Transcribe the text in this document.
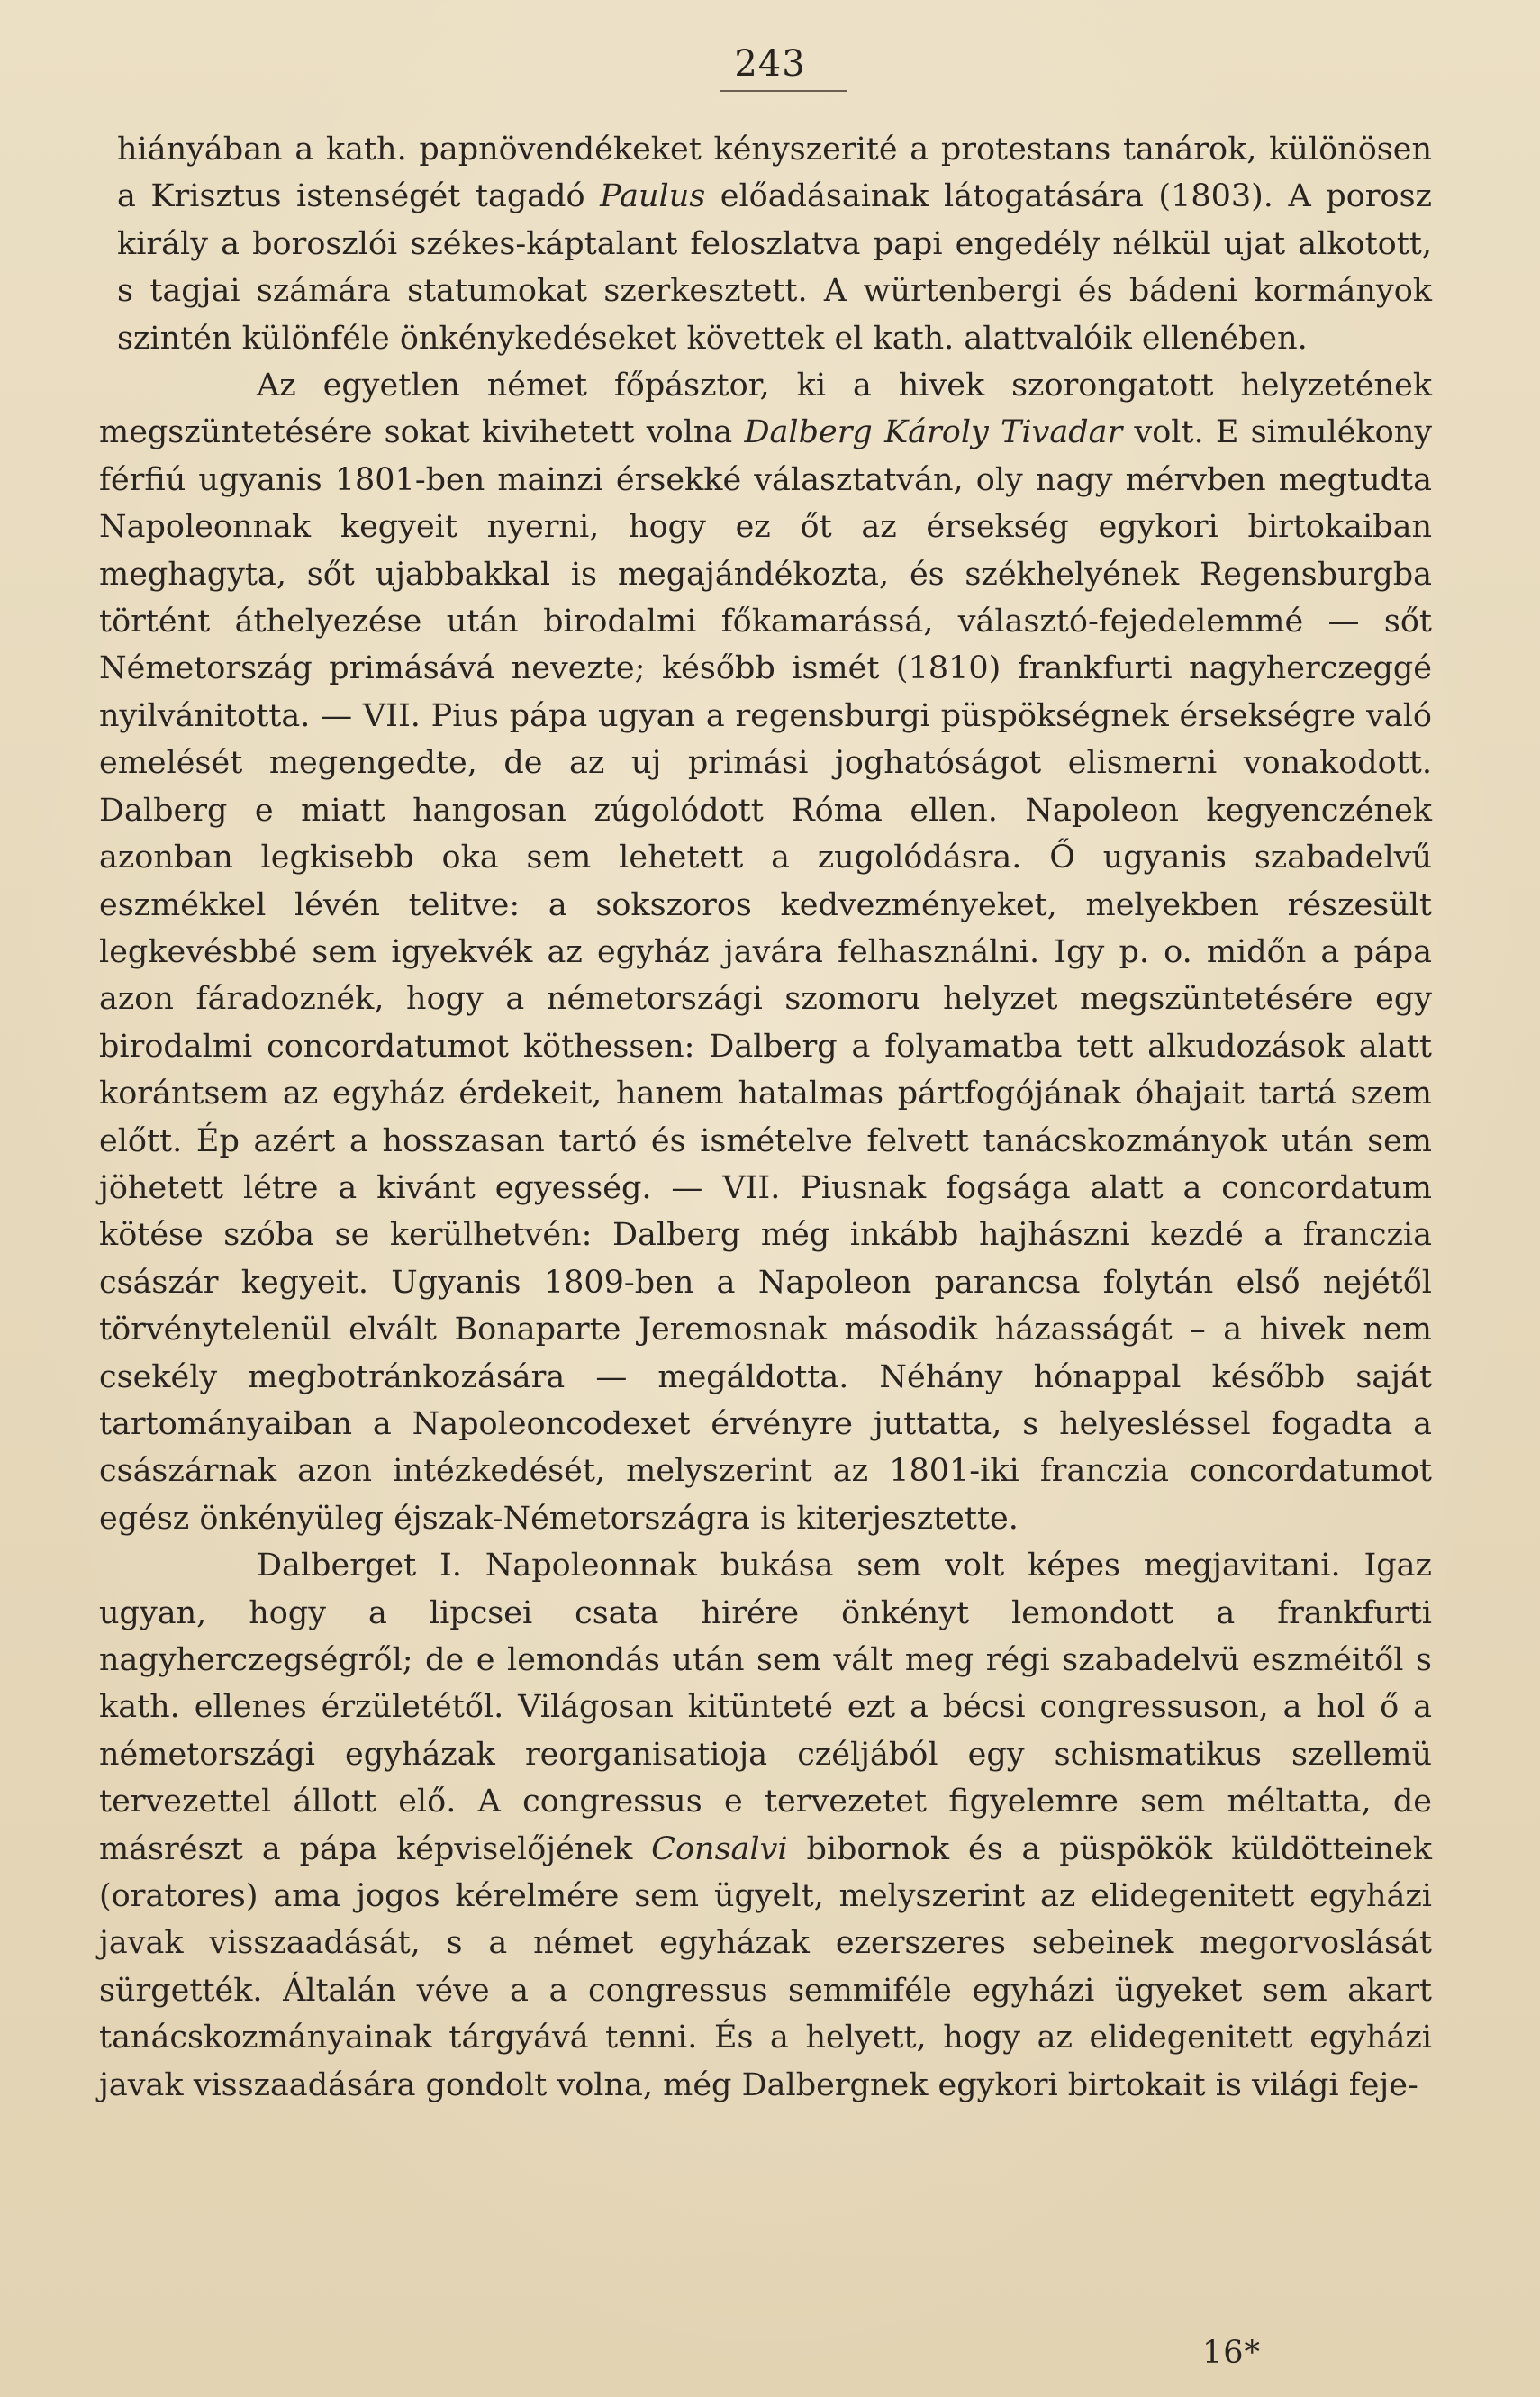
243

hiányában a kath. papnövendékeket kényszerité a protestans tanárok, különösen a Krisztus istenségét tagadó Paulus előadásainak látogatására (1803). A porosz király a boroszlói székes-káptalant feloszlatva papi engedély nélkül ujat alkotott, s tagjai számára statumokat szerkesztett. A würtenbergi és bádeni kormányok szintén különféle önkénykedéseket követtek el kath. alattvalóik ellenében.

Az egyetlen német főpásztor, ki a hivek szorongatott helyzetének megszüntetésére sokat kivihetett volna Dalberg Károly Tivadar volt. E simulékony férfiú ugyanis 1801-ben mainzi érsekké választatván, oly nagy mérvben megtudta Napoleonnak kegyeit nyerni, hogy ez őt az érsekség egykori birtokaiban meghagyta, sőt ujabbakkal is megajándékozta, és székhelyének Regensburgba történt áthelyezése után birodalmi főkamarássá, választó-fejedelemmé — sőt Németország primásává nevezte; később ismét (1810) frankfurti nagyherczeggé nyilvánitotta. — VII. Pius pápa ugyan a regensburgi püspökségnek érsekségre való emelését megengedte, de az uj primási joghatóságot elismerni vonakodott. Dalberg e miatt hangosan zúgolódott Róma ellen. Napoleon kegyenczének azonban legkisebb oka sem lehetett a zugolódásra. Ő ugyanis szabadelvű eszmékkel lévén telitve: a sokszoros kedvezményeket, melyekben részesült legkevésbbé sem igyekvék az egyház javára felhasználni. Igy p. o. midőn a pápa azon fáradoznék, hogy a németországi szomoru helyzet megszüntetésére egy birodalmi concordatumot köthessen: Dalberg a folyamatba tett alkudozások alatt korántsem az egyház érdekeit, hanem hatalmas pártfogójának óhajait tartá szem előtt. Ép azért a hosszasan tartó és ismételve felvett tanácskozmányok után sem jöhetett létre a kivánt egyesség. — VII. Piusnak fogsága alatt a concordatum kötése szóba se kerülhetvén: Dalberg még inkább hajhászni kezdé a franczia császár kegyeit. Ugyanis 1809-ben a Napoleon parancsa folytán első nejétől törvénytelenül elvált Bonaparte Jeremosnak második házasságát – a hivek nem csekély megbotránkozására — megáldotta. Néhány hónappal később saját tartományaiban a Napoleoncodexet érvényre juttatta, s helyesléssel fogadta a császárnak azon intézkedését, melyszerint az 1801-iki franczia concordatumot egész önkényüleg éjszak-Németországra is kiterjesztette.

Dalberget I. Napoleonnak bukása sem volt képes megjavitani. Igaz ugyan, hogy a lipcsei csata hirére önkényt lemondott a frankfurti nagyherczegségről; de e lemondás után sem vált meg régi szabadelvü eszméitől s kath. ellenes érzületétől. Világosan kitünteté ezt a bécsi congressuson, a hol ő a németországi egyházak reorganisatioja czéljából egy schismatikus szellemü tervezettel állott elő. A congressus e tervezetet figyelemre sem méltatta, de másrészt a pápa képviselőjének Consalvi bibornok és a püspökök küldötteinek (oratores) ama jogos kérelmére sem ügyelt, melyszerint az elidegenitett egyházi javak visszaadását, s a német egyházak ezerszeres sebeinek megorvoslását sürgették. Általán véve a a congressus semmiféle egyházi ügyeket sem akart tanácskozmányainak tárgyává tenni. És a helyett, hogy az elidegenitett egyházi javak visszaadására gondolt volna, még Dalbergnek egykori birtokait is világi feje-

16*
